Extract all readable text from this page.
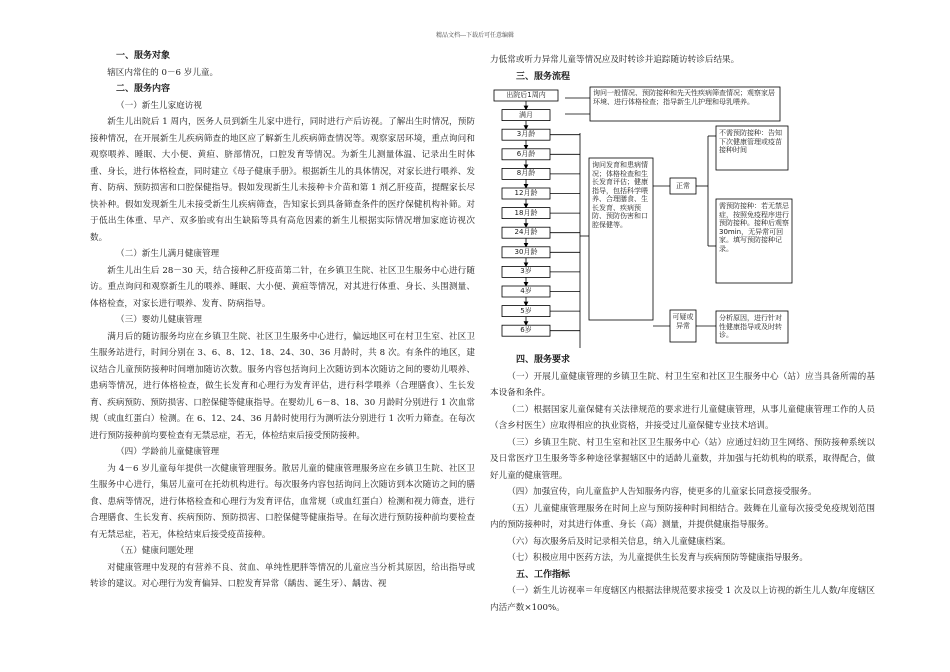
精品文档---下载后可任意编辑

一、服务对象

辖区内常住的 0－6 岁儿童。

二、服务内容

（一）新生儿家庭访视

新生儿出院后 1 周内，医务人员到新生儿家中进行，同时进行产后访视。了解出生时情况，预防接种情况，在开展新生儿疾病筛查的地区应了解新生儿疾病筛查情况等。观察家居环境，重点询问和观察喂养、睡眠、大小便、黄疸、脐部情况，口腔发育等情况。为新生儿测量体温、记录出生时体重、身长，进行体格检查，同时建立《母子健康手册》。根据新生儿的具体情况，对家长进行喂养、发育、防病、预防损害和口腔保健指导。假如发现新生儿未接种卡介苗和第 1 剂乙肝疫苗，提醒家长尽快补种。假如发现新生儿未接受新生儿疾病筛查，告知家长到具备筛查条件的医疗保健机构补筛。对于低出生体重、早产、双多胎或有出生缺陷等具有高危因素的新生儿根据实际情况增加家庭访视次数。

（二）新生儿满月健康管理

新生儿出生后 28－30 天，结合接种乙肝疫苗第二针，在乡镇卫生院、社区卫生服务中心进行随访。重点询问和观察新生儿的喂养、睡眠、大小便、黄疸等情况，对其进行体重、身长、头围测量、体格检查，对家长进行喂养、发育、防病指导。

（三）婴幼儿健康管理

满月后的随访服务均应在乡镇卫生院、社区卫生服务中心进行，偏远地区可在村卫生室、社区卫生服务站进行，时间分别在 3、6、8、12、18、24、30、36 月龄时，共 8 次。有条件的地区，建议结合儿童预防接种时间增加随访次数。服务内容包括询问上次随访到本次随访之间的婴幼儿喂养、患病等情况，进行体格检查，做生长发育和心理行为发育评估，进行科学喂养（合理膳食）、生长发育、疾病预防、预防损害、口腔保健等健康指导。在婴幼儿 6－8、18、30 月龄时分别进行 1 次血常规（或血红蛋白）检测。在 6、12、24、36 月龄时使用行为测听法分别进行 1 次听力筛查。在每次进行预防接种前均要检查有无禁忌症，若无，体检结束后接受预防接种。

（四）学龄前儿童健康管理

为 4－6 岁儿童每年提供一次健康管理服务。散居儿童的健康管理服务应在乡镇卫生院、社区卫生服务中心进行，集居儿童可在托幼机构进行。每次服务内容包括询问上次随访到本次随访之间的膳食、患病等情况，进行体格检查和心理行为发育评估，血常规（或血红蛋白）检测和视力筛查，进行合理膳食、生长发育、疾病预防、预防损害、口腔保健等健康指导。在每次进行预防接种前均要检查有无禁忌症，若无，体检结束后接受疫苗接种。

（五）健康问题处理

对健康管理中发现的有营养不良、贫血、单纯性肥胖等情况的儿童应当分析其原因，给出指导或转诊的建议。对心理行为发育偏异、口腔发育异常（龋齿、诞生牙）、龋齿、视

力低常或听力异常儿童等情况应及时转诊并追踪随访转诊后结果。

三、服务流程

出院后1周内
满月
3月龄
6月龄
8月龄
12月龄
18月龄
24月龄
30月龄
3岁
4岁
5岁
6岁
询问一般情况、预防接种和先天性疾病筛查情况；观察家居环境、进行体格检查；指导新生儿护理和母乳喂养。
询问发育和患病情况；体格检查和生长发育评估；健康指导，包括科学喂养、合理膳食、生长发育、疾病预防、预防伤害和口腔保健等。
正常
可疑或异常
不需预防接种：告知下次健康管理或疫苗接种时间
需预防接种：若无禁忌症，按照免疫程序进行预防接种。接种后观察30min，无异常可回家。填写预防接种记录。
分析原因，进行针对性健康指导或及时转诊。

四、服务要求

（一）开展儿童健康管理的乡镇卫生院、村卫生室和社区卫生服务中心（站）应当具备所需的基本设备和条件。

（二）根据国家儿童保健有关法律规范的要求进行儿童健康管理，从事儿童健康管理工作的人员（含乡村医生）应取得相应的执业资格，并接受过儿童保健专业技术培训。

（三）乡镇卫生院、村卫生室和社区卫生服务中心（站）应通过妇幼卫生网络、预防接种系统以及日常医疗卫生服务等多种途径掌握辖区中的适龄儿童数，并加强与托幼机构的联系，取得配合，做好儿童的健康管理。

（四）加强宣传，向儿童监护人告知服务内容，使更多的儿童家长同意接受服务。

（五）儿童健康管理服务在时间上应与预防接种时间相结合。鼓舞在儿童每次接受免疫规划范围内的预防接种时，对其进行体重、身长（高）测量，并提供健康指导服务。

（六）每次服务后及时记录相关信息，纳入儿童健康档案。

（七）积极应用中医药方法，为儿童提供生长发育与疾病预防等健康指导服务。

五、工作指标

（一）新生儿访视率＝年度辖区内根据法律规范要求接受 1 次及以上访视的新生儿人数/年度辖区内活产数×100%。
